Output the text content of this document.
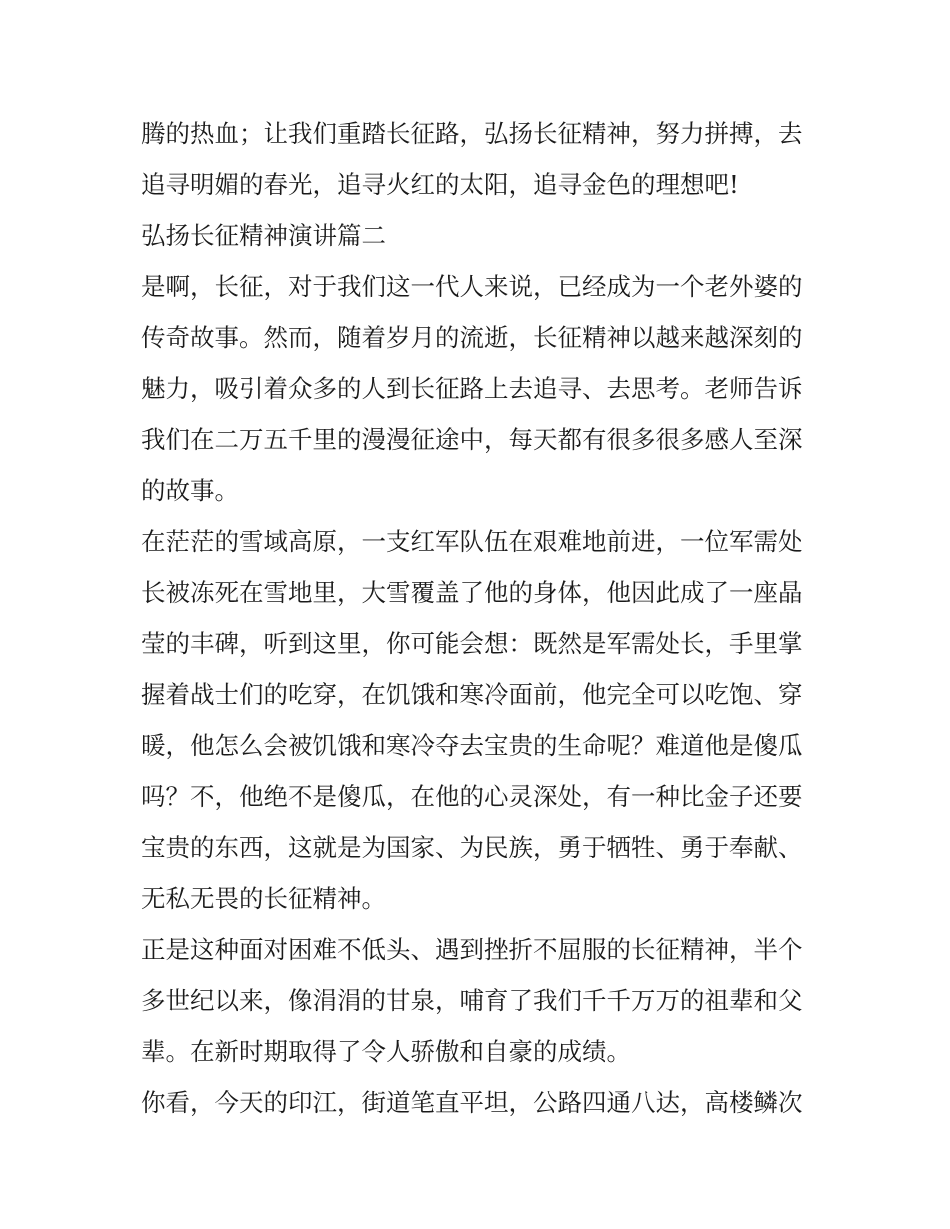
腾的热血；让我们重踏长征路，弘扬长征精神，努力拼搏，去
追寻明媚的春光，追寻火红的太阳，追寻金色的理想吧!
弘扬长征精神演讲篇二
是啊，长征，对于我们这一代人来说，已经成为一个老外婆的
传奇故事。然而，随着岁月的流逝，长征精神以越来越深刻的
魅力，吸引着众多的人到长征路上去追寻、去思考。老师告诉
我们在二万五千里的漫漫征途中，每天都有很多很多感人至深
的故事。
在茫茫的雪域高原，一支红军队伍在艰难地前进，一位军需处
长被冻死在雪地里，大雪覆盖了他的身体，他因此成了一座晶
莹的丰碑，听到这里，你可能会想：既然是军需处长，手里掌
握着战士们的吃穿，在饥饿和寒冷面前，他完全可以吃饱、穿
暖，他怎么会被饥饿和寒冷夺去宝贵的生命呢？难道他是傻瓜
吗？不，他绝不是傻瓜，在他的心灵深处，有一种比金子还要
宝贵的东西，这就是为国家、为民族，勇于牺牲、勇于奉献、
无私无畏的长征精神。
正是这种面对困难不低头、遇到挫折不屈服的长征精神，半个
多世纪以来，像涓涓的甘泉，哺育了我们千千万万的祖辈和父
辈。在新时期取得了令人骄傲和自豪的成绩。
你看，今天的印江，街道笔直平坦，公路四通八达，高楼鳞次
